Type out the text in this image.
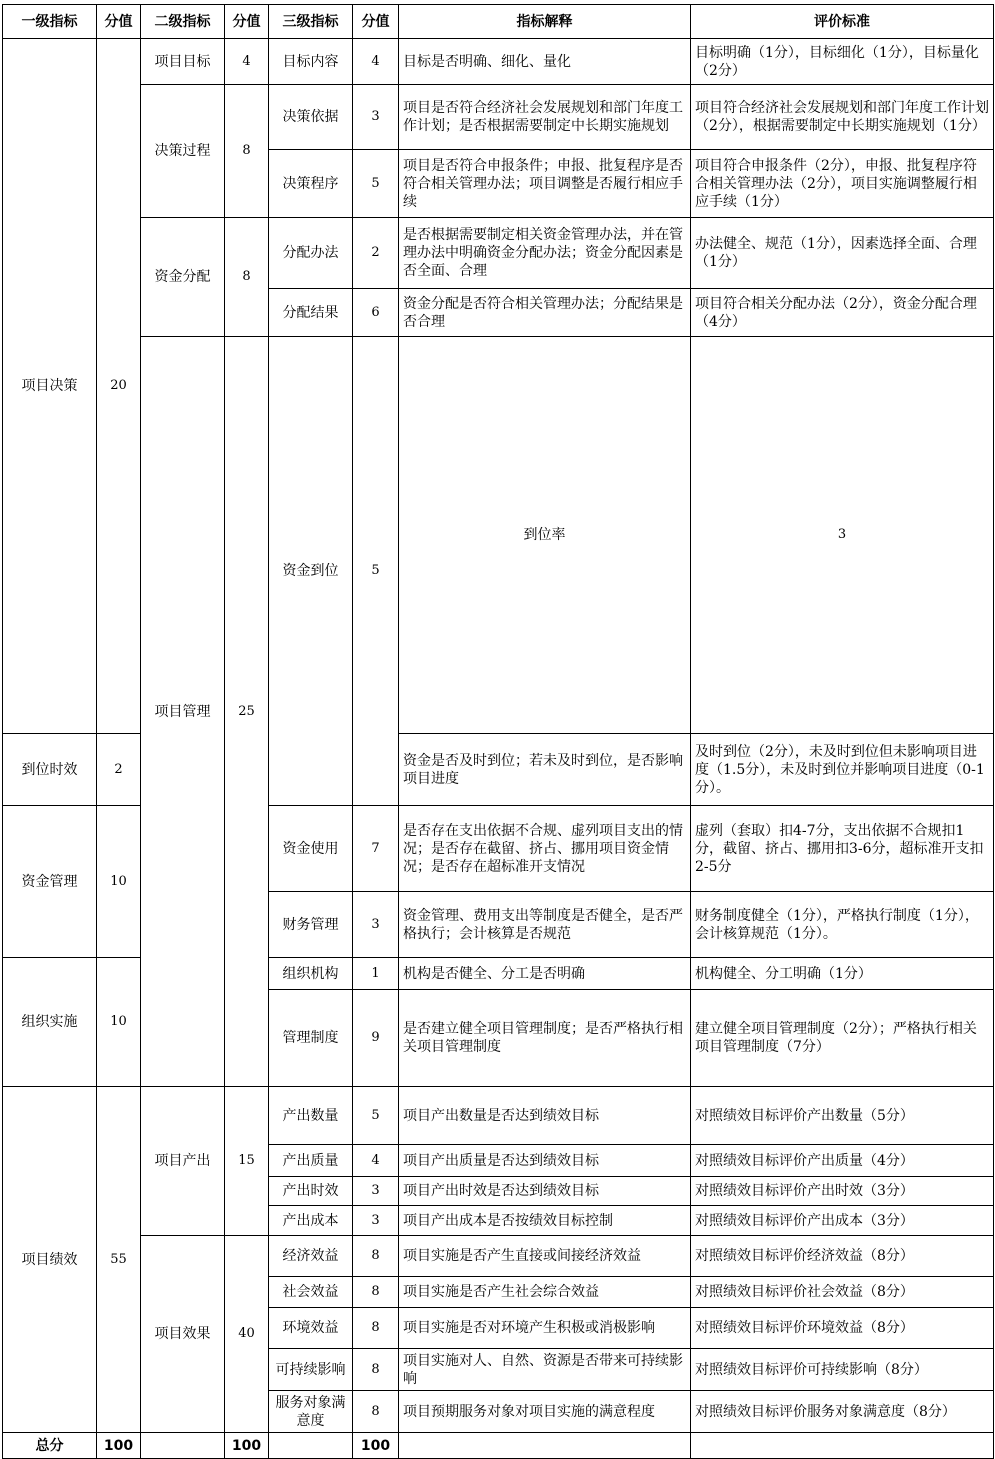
一级指标	分值	二级指标	分值	三级指标	分值	指标解释	评价标准	
项目决策	20	项目目标	4	目标内容	4	目标是否明确、细化、量化	目标明确（1分），目标细化（1分），目标量化（2分）	
		决策过程	8	决策依据	3	项目是否符合经济社会发展规划和部门年度工作计划；是否根据需要制定中长期实施规划	项目符合经济社会发展规划和部门年度工作计划（2分），根据需要制定中长期实施规划（1分）	
				决策程序	5	项目是否符合申报条件；申报、批复程序是否符合相关管理办法；项目调整是否履行相应手续	项目符合申报条件（2分），申报、批复程序符合相关管理办法（2分），项目实施调整履行相应手续（1分）	
		资金分配	8	分配办法	2	是否根据需要制定相关资金管理办法，并在管理办法中明确资金分配办法；资金分配因素是否全面、合理	办法健全、规范（1分），因素选择全面、合理（1分）	
				分配结果	6	资金分配是否符合相关管理办法；分配结果是否合理	项目符合相关分配办法（2分），资金分配合理（4分）	
		项目管理	25	资金到位	5	到位率	3		
到位时效	2					资金是否及时到位；若未及时到位，是否影响项目进度	及时到位（2分），未及时到位但未影响项目进度（1.5分），未及时到位并影响项目进度（0-1分）。	
资金管理	10			资金使用	7	是否存在支出依据不合规、虚列项目支出的情况；是否存在截留、挤占、挪用项目资金情况；是否存在超标准开支情况	虚列（套取）扣4-7分，支出依据不合规扣1分，截留、挤占、挪用扣3-6分，超标准开支扣2-5分	
				财务管理	3	资金管理、费用支出等制度是否健全，是否严格执行；会计核算是否规范	财务制度健全（1分），严格执行制度（1分），会计核算规范（1分）。	
组织实施	10			组织机构	1	机构是否健全、分工是否明确	机构健全、分工明确（1分）	
				管理制度	9	是否建立健全项目管理制度；是否严格执行相关项目管理制度	建立健全项目管理制度（2分）；严格执行相关项目管理制度（7分）	
项目绩效	55	项目产出	15	产出数量	5	项目产出数量是否达到绩效目标	对照绩效目标评价产出数量（5分）	
				产出质量	4	项目产出质量是否达到绩效目标	对照绩效目标评价产出质量（4分）	
				产出时效	3	项目产出时效是否达到绩效目标	对照绩效目标评价产出时效（3分）	
				产出成本	3	项目产出成本是否按绩效目标控制	对照绩效目标评价产出成本（3分）	
		项目效果	40	经济效益	8	项目实施是否产生直接或间接经济效益	对照绩效目标评价经济效益（8分）	
				社会效益	8	项目实施是否产生社会综合效益	对照绩效目标评价社会效益（8分）	
				环境效益	8	项目实施是否对环境产生积极或消极影响	对照绩效目标评价环境效益（8分）	
				可持续影响	8	项目实施对人、自然、资源是否带来可持续影响	对照绩效目标评价可持续影响（8分）	
				服务对象满意度	8	项目预期服务对象对项目实施的满意程度	对照绩效目标评价服务对象满意度（8分）	
总分	100		100		100			
